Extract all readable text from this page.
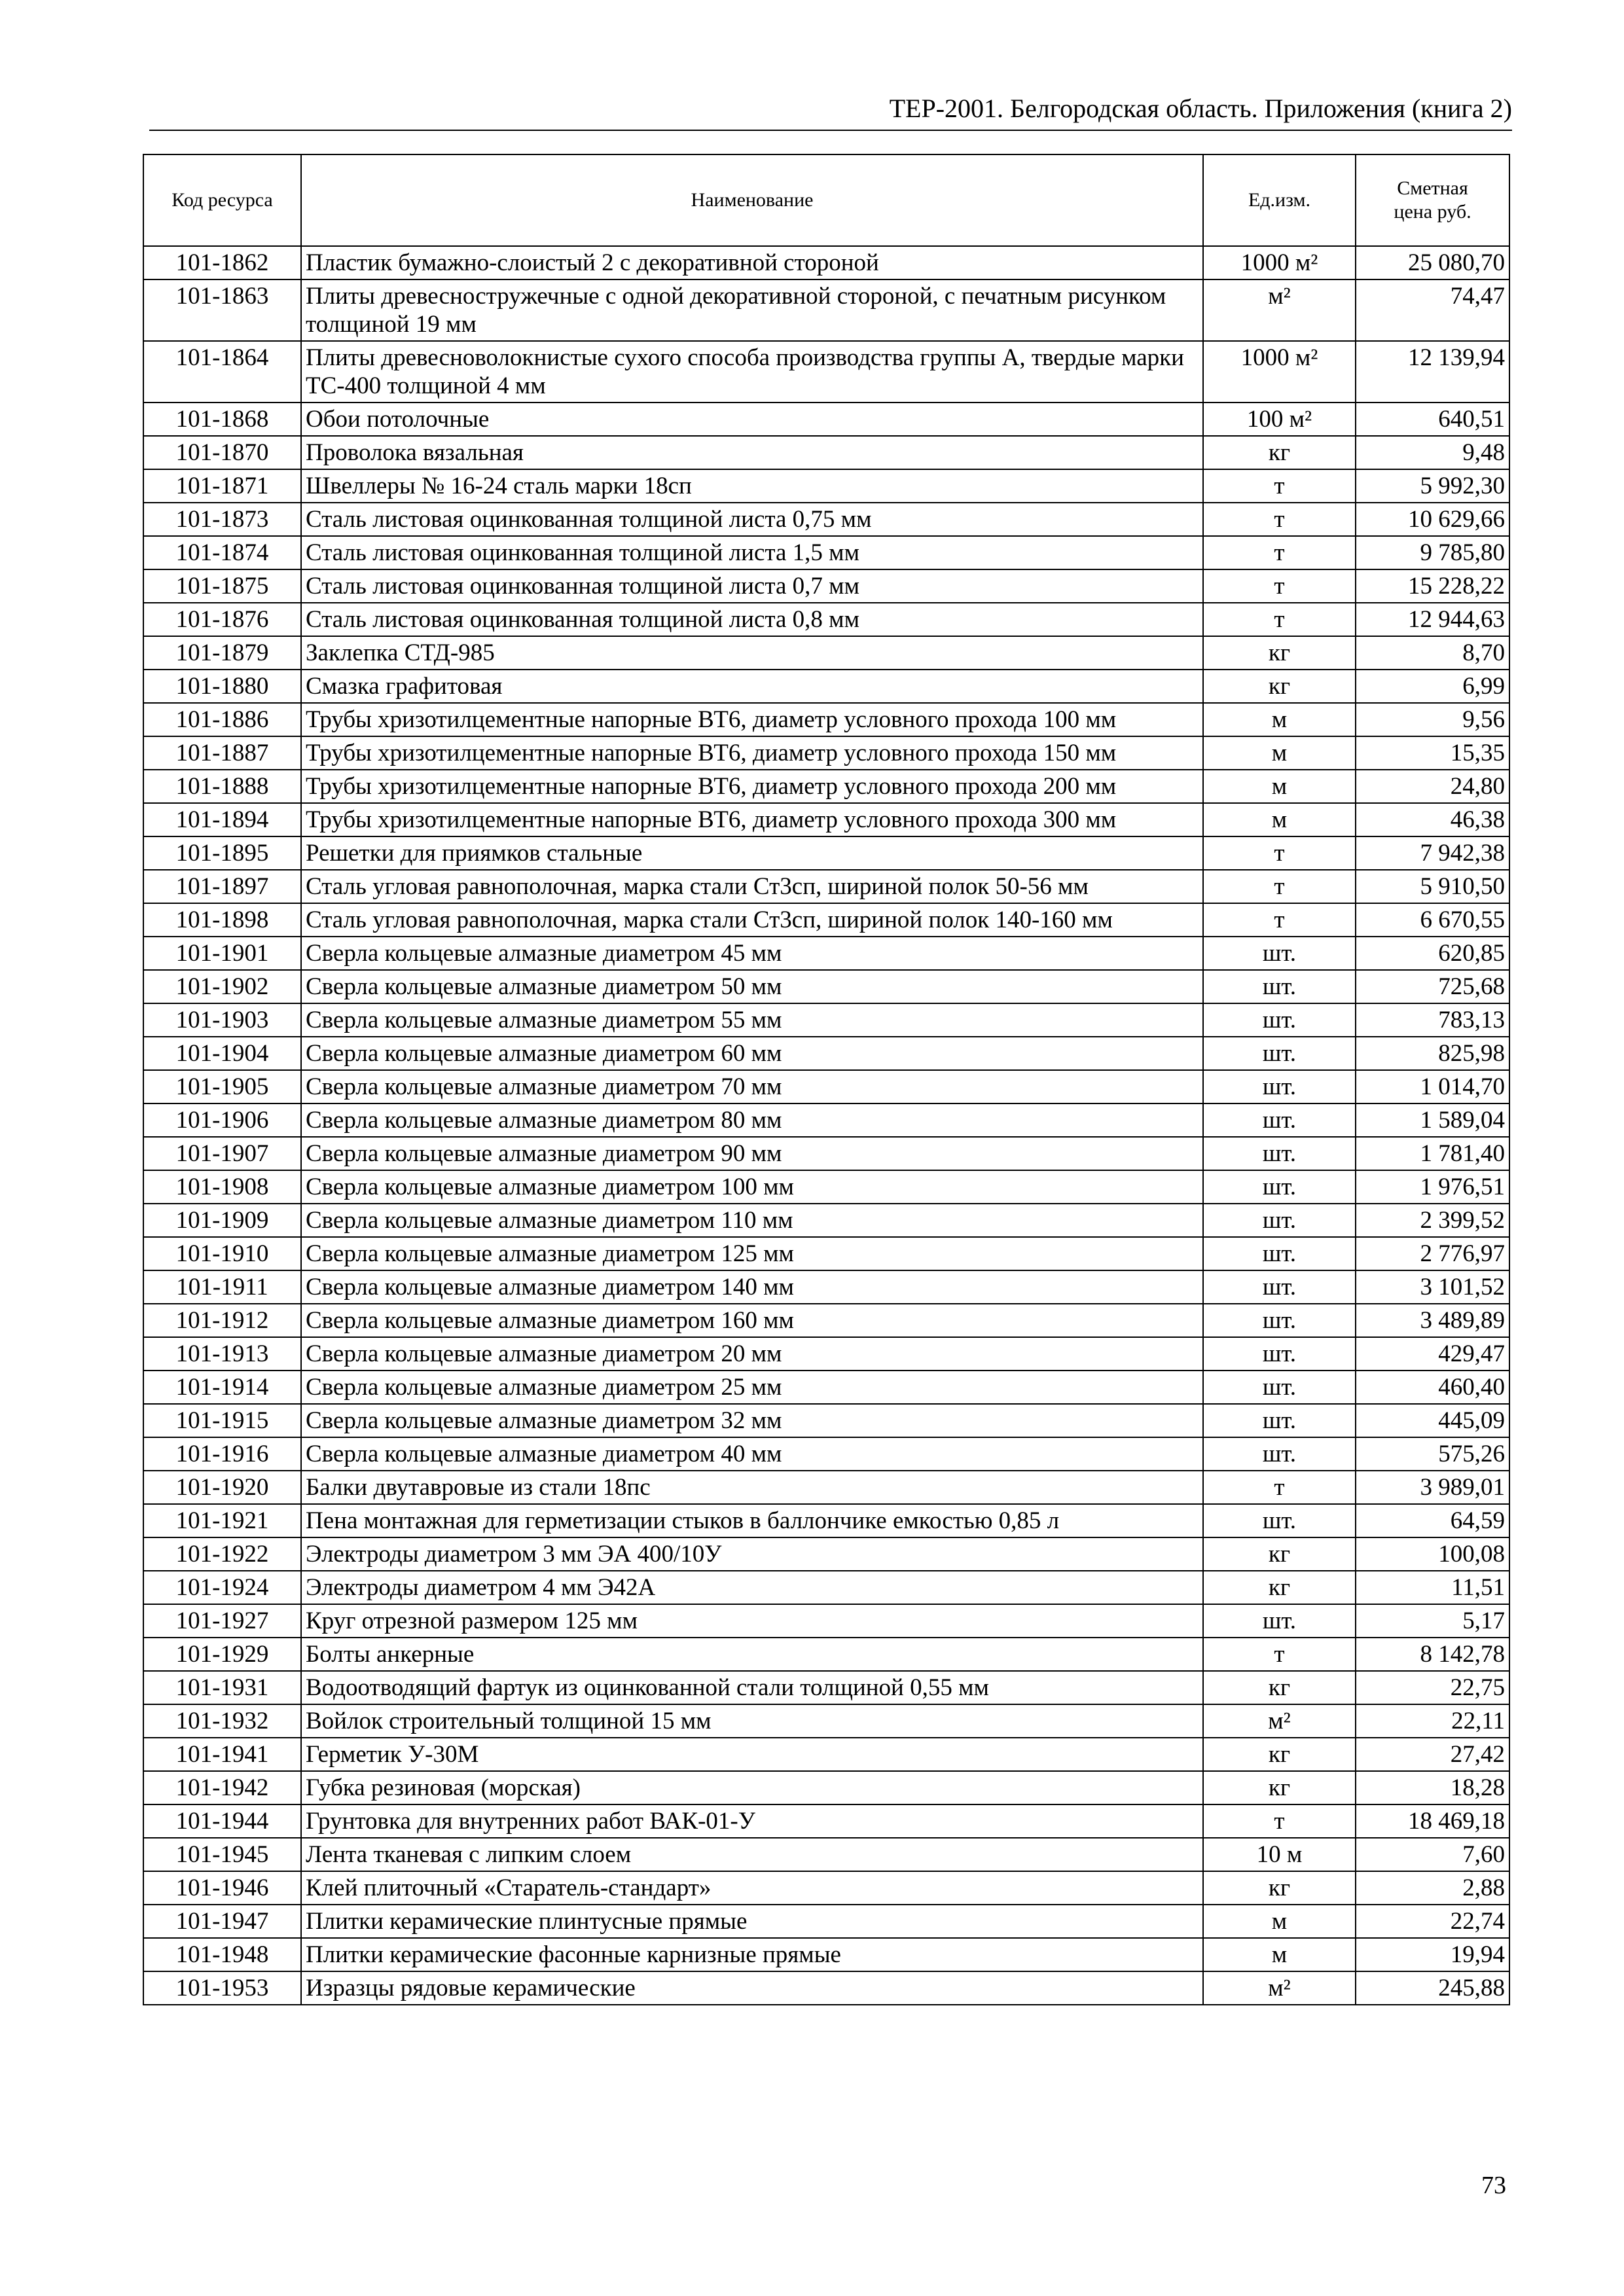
ТЕР-2001. Белгородская область. Приложения (книга 2)
Код ресурса	Наименование	Ед.изм.	Сметная цена руб.
101-1862	Пластик бумажно-слоистый 2 с декоративной стороной	1000 м²	25 080,70
101-1863	Плиты древесностружечные с одной декоративной стороной, с печатным рисунком толщиной 19 мм	м²	74,47
101-1864	Плиты древесноволокнистые сухого способа производства группы А, твердые марки ТС-400 толщиной 4 мм	1000 м²	12 139,94
101-1868	Обои потолочные	100 м²	640,51
101-1870	Проволока вязальная	кг	9,48
101-1871	Швеллеры № 16-24 сталь марки 18сп	т	5 992,30
101-1873	Сталь листовая оцинкованная толщиной листа 0,75 мм	т	10 629,66
101-1874	Сталь листовая оцинкованная толщиной листа 1,5 мм	т	9 785,80
101-1875	Сталь листовая оцинкованная толщиной листа 0,7 мм	т	15 228,22
101-1876	Сталь листовая оцинкованная толщиной листа 0,8 мм	т	12 944,63
101-1879	Заклепка СТД-985	кг	8,70
101-1880	Смазка графитовая	кг	6,99
101-1886	Трубы хризотилцементные напорные ВТ6, диаметр условного прохода 100 мм	м	9,56
101-1887	Трубы хризотилцементные напорные ВТ6, диаметр условного прохода 150 мм	м	15,35
101-1888	Трубы хризотилцементные напорные ВТ6, диаметр условного прохода 200 мм	м	24,80
101-1894	Трубы хризотилцементные напорные ВТ6, диаметр условного прохода 300 мм	м	46,38
101-1895	Решетки для приямков стальные	т	7 942,38
101-1897	Сталь угловая равнополочная, марка стали Ст3сп, шириной полок 50-56 мм	т	5 910,50
101-1898	Сталь угловая равнополочная, марка стали Ст3сп, шириной полок 140-160 мм	т	6 670,55
101-1901	Сверла кольцевые алмазные диаметром 45 мм	шт.	620,85
101-1902	Сверла кольцевые алмазные диаметром 50 мм	шт.	725,68
101-1903	Сверла кольцевые алмазные диаметром 55 мм	шт.	783,13
101-1904	Сверла кольцевые алмазные диаметром 60 мм	шт.	825,98
101-1905	Сверла кольцевые алмазные диаметром 70 мм	шт.	1 014,70
101-1906	Сверла кольцевые алмазные диаметром 80 мм	шт.	1 589,04
101-1907	Сверла кольцевые алмазные диаметром 90 мм	шт.	1 781,40
101-1908	Сверла кольцевые алмазные диаметром 100 мм	шт.	1 976,51
101-1909	Сверла кольцевые алмазные диаметром 110 мм	шт.	2 399,52
101-1910	Сверла кольцевые алмазные диаметром 125 мм	шт.	2 776,97
101-1911	Сверла кольцевые алмазные диаметром 140 мм	шт.	3 101,52
101-1912	Сверла кольцевые алмазные диаметром 160 мм	шт.	3 489,89
101-1913	Сверла кольцевые алмазные диаметром 20 мм	шт.	429,47
101-1914	Сверла кольцевые алмазные диаметром 25 мм	шт.	460,40
101-1915	Сверла кольцевые алмазные диаметром 32 мм	шт.	445,09
101-1916	Сверла кольцевые алмазные диаметром 40 мм	шт.	575,26
101-1920	Балки двутавровые из стали 18пс	т	3 989,01
101-1921	Пена монтажная для герметизации стыков в баллончике емкостью 0,85 л	шт.	64,59
101-1922	Электроды диаметром 3 мм ЭА 400/10У	кг	100,08
101-1924	Электроды диаметром 4 мм Э42А	кг	11,51
101-1927	Круг отрезной размером 125 мм	шт.	5,17
101-1929	Болты анкерные	т	8 142,78
101-1931	Водоотводящий фартук из оцинкованной стали толщиной 0,55 мм	кг	22,75
101-1932	Войлок строительный толщиной 15 мм	м²	22,11
101-1941	Герметик У-30М	кг	27,42
101-1942	Губка резиновая (морская)	кг	18,28
101-1944	Грунтовка для внутренних работ ВАК-01-У	т	18 469,18
101-1945	Лента тканевая с липким слоем	10 м	7,60
101-1946	Клей плиточный «Старатель-стандарт»	кг	2,88
101-1947	Плитки керамические плинтусные прямые	м	22,74
101-1948	Плитки керамические фасонные карнизные прямые	м	19,94
101-1953	Изразцы рядовые керамические	м²	245,88
73
